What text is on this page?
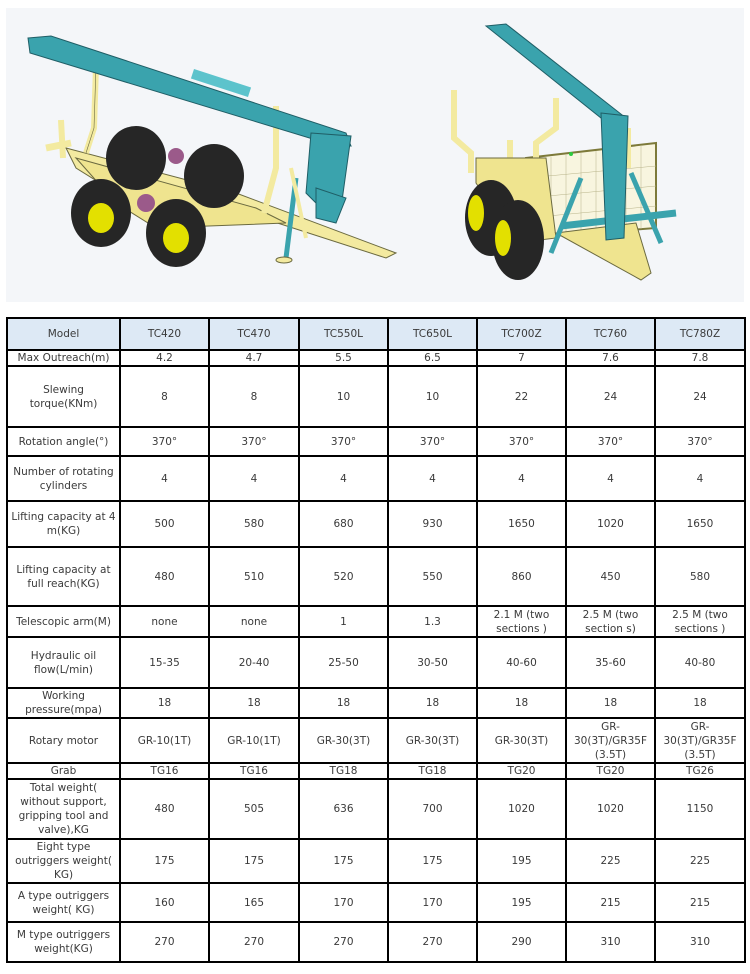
Model	TC420	TC470	TC550L	TC650L	TC700Z	TC760	TC780Z
Max Outreach(m)	4.2	4.7	5.5	6.5	7	7.6	7.8
Slewing torque(KNm)	8	8	10	10	22	24	24
Rotation angle(°)	370°	370°	370°	370°	370°	370°	370°
Number of rotating cylinders	4	4	4	4	4	4	4
Lifting capacity at 4 m(KG)	500	580	680	930	1650	1020	1650
Lifting capacity at full reach(KG)	480	510	520	550	860	450	580
Telescopic arm(M)	none	none	1	1.3	2.1 M (two sections )	2.5 M (two section s)	2.5 M (two sections )
Hydraulic oil flow(L/min)	15-35	20-40	25-50	30-50	40-60	35-60	40-80
Working pressure(mpa)	18	18	18	18	18	18	18
Rotary motor	GR-10(1T)	GR-10(1T)	GR-30(3T)	GR-30(3T)	GR-30(3T)	GR-30(3T)/GR35F (3.5T)	GR-30(3T)/GR35F (3.5T)
Grab	TG16	TG16	TG18	TG18	TG20	TG20	TG26
Total weight( without support, gripping tool and valve),KG	480	505	636	700	1020	1020	1150
Eight type outriggers weight( KG)	175	175	175	175	195	225	225
A type outriggers weight( KG)	160	165	170	170	195	215	215
M type outriggers weight(KG)	270	270	270	270	290	310	310
